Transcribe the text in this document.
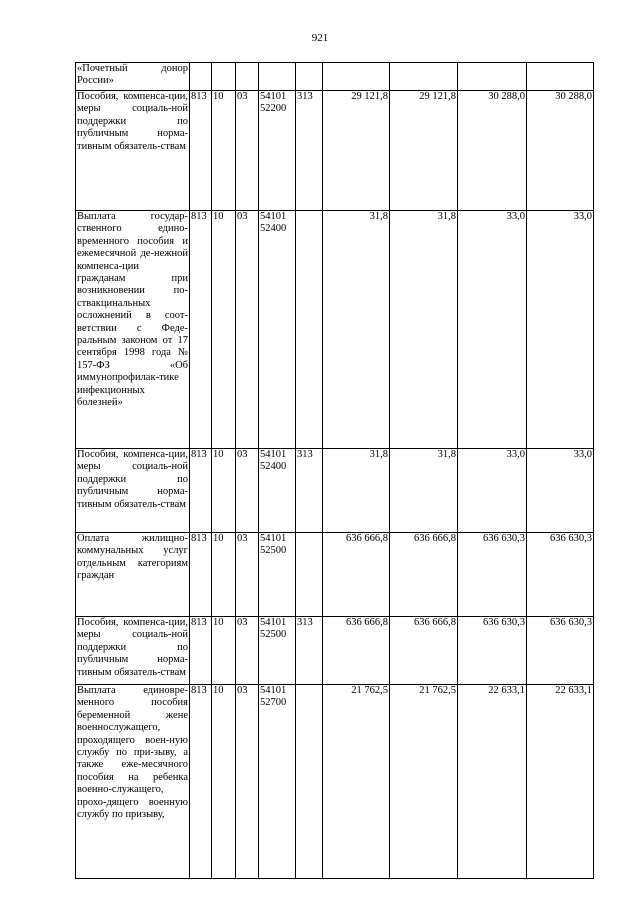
921
«Почетный донор России»									
Пособия, компенса-ции, меры социаль-ной поддержки по публичным норма-тивным обязатель-ствам	813	10	03	54101 52200	313	29 121,8	29 121,8	30 288,0	30 288,0
Выплата государ-ственного едино-временного пособия и ежемесячной де-нежной компенса-ции гражданам при возникновении по-ствакцинальных осложнений в соот-ветствии с Феде-ральным законом от 17 сентября 1998 года № 157-ФЗ «Об иммунопрофилак-тике инфекционных болезней»	813	10	03	54101 52400		31,8	31,8	33,0	33,0
Пособия, компенса-ции, меры социаль-ной поддержки по публичным норма-тивным обязатель-ствам	813	10	03	54101 52400	313	31,8	31,8	33,0	33,0
Оплата жилищно-коммунальных услуг отдельным категориям граждан	813	10	03	54101 52500		636 666,8	636 666,8	636 630,3	636 630,3
Пособия, компенса-ции, меры социаль-ной поддержки по публичным норма-тивным обязатель-ствам	813	10	03	54101 52500	313	636 666,8	636 666,8	636 630,3	636 630,3
Выплата единовре-менного пособия беременной жене военнослужащего, проходящего воен-ную службу по при-зыву, а также еже-месячного пособия на ребенка военно-служащего, прохо-дящего военную службу по призыву,	813	10	03	54101 52700		21 762,5	21 762,5	22 633,1	22 633,1
